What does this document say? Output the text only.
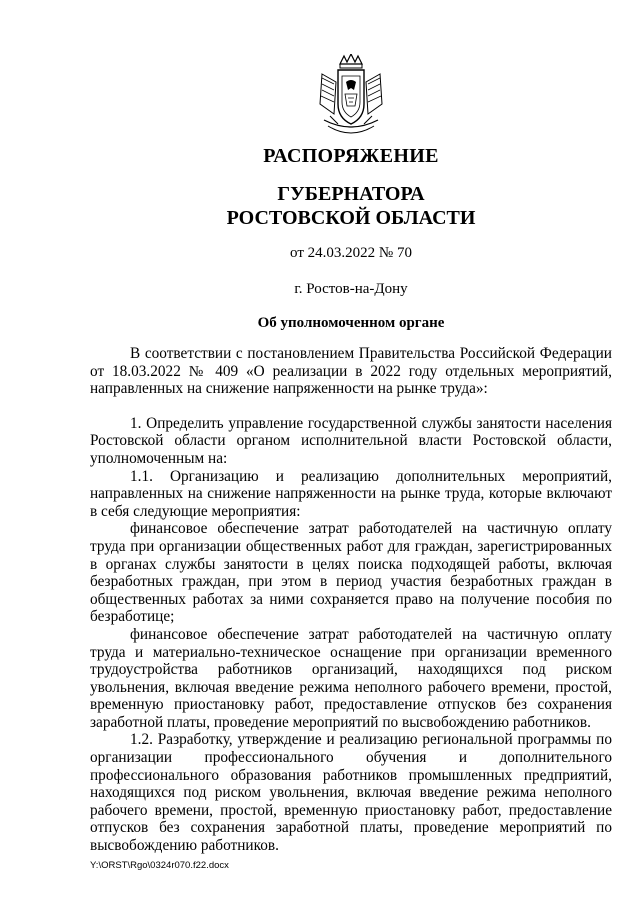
РАСПОРЯЖЕНИЕ
ГУБЕРНАТОРА
РОСТОВСКОЙ ОБЛАСТИ
от 24.03.2022 № 70
г. Ростов-на-Дону
Об уполномоченном органе

В соответствии с постановлением Правительства Российской Федерации от 18.03.2022 № 409 «О реализации в 2022 году отдельных мероприятий, направленных на снижение напряженности на рынке труда»:

1. Определить управление государственной службы занятости населения Ростовской области органом исполнительной власти Ростовской области, уполномоченным на:

1.1. Организацию и реализацию дополнительных мероприятий, направленных на снижение напряженности на рынке труда, которые включают в себя следующие мероприятия:

финансовое обеспечение затрат работодателей на частичную оплату труда при организации общественных работ для граждан, зарегистрированных в органах службы занятости в целях поиска подходящей работы, включая безработных граждан, при этом в период участия безработных граждан в общественных работах за ними сохраняется право на получение пособия по безработице;

финансовое обеспечение затрат работодателей на частичную оплату труда и материально-техническое оснащение при организации временного трудоустройства работников организаций, находящихся под риском увольнения, включая введение режима неполного рабочего времени, простой, временную приостановку работ, предоставление отпусков без сохранения заработной платы, проведение мероприятий по высвобождению работников.

1.2. Разработку, утверждение и реализацию региональной программы по организации профессионального обучения и дополнительного профессионального образования работников промышленных предприятий, находящихся под риском увольнения, включая введение режима неполного рабочего времени, простой, временную приостановку работ, предоставление отпусков без сохранения заработной платы, проведение мероприятий по высвобождению работников.

Y:\ORST\Rgo\0324r070.f22.docx
